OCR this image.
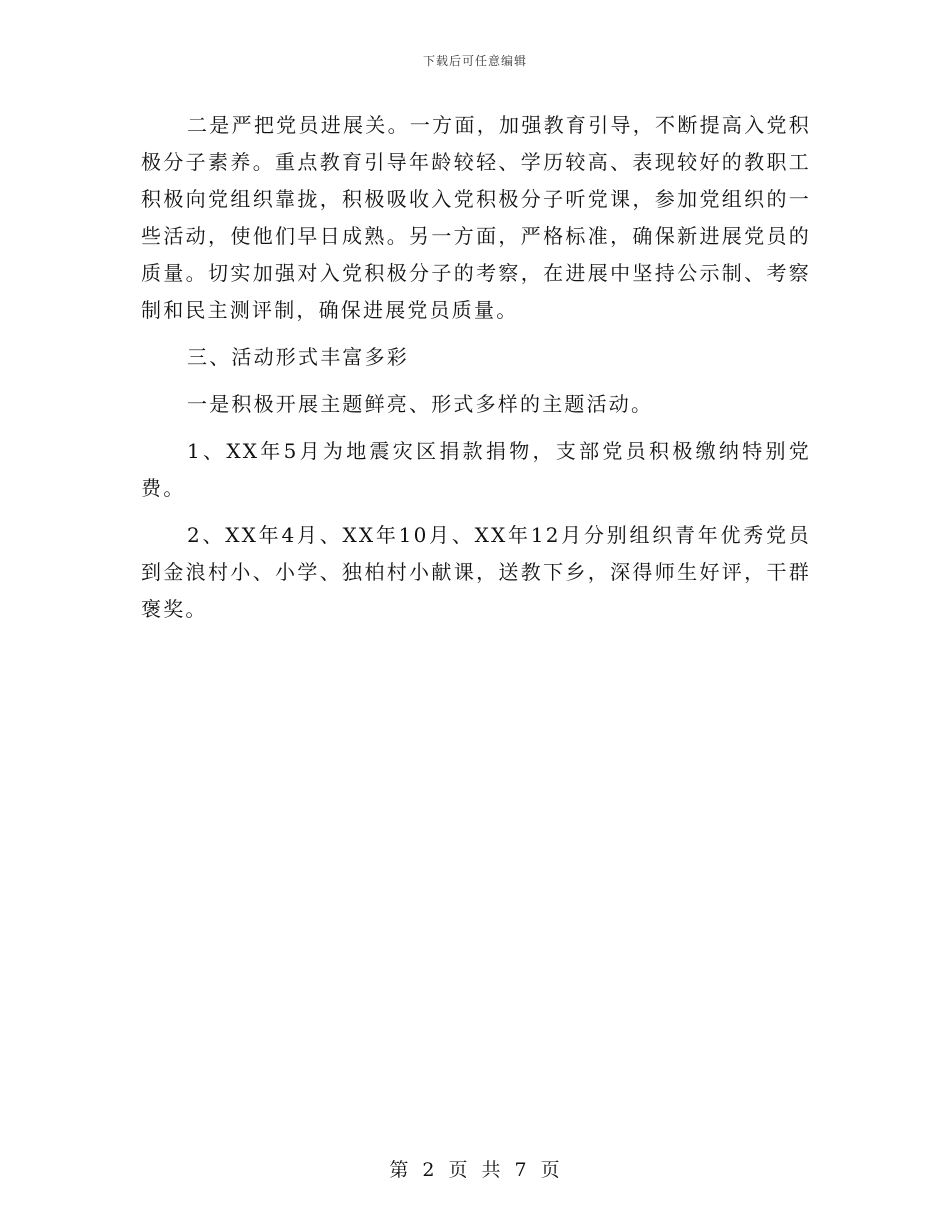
下载后可任意编辑

二是严把党员进展关。一方面，加强教育引导，不断提高入党积极分子素养。重点教育引导年龄较轻、学历较高、表现较好的教职工积极向党组织靠拢，积极吸收入党积极分子听党课，参加党组织的一些活动，使他们早日成熟。另一方面，严格标准，确保新进展党员的质量。切实加强对入党积极分子的考察，在进展中坚持公示制、考察制和民主测评制，确保进展党员质量。

三、活动形式丰富多彩

一是积极开展主题鲜亮、形式多样的主题活动。

1、XX年5月为地震灾区捐款捐物，支部党员积极缴纳特别党费。

2、XX年4月、XX年10月、XX年12月分别组织青年优秀党员到金浪村小、小学、独柏村小献课，送教下乡，深得师生好评，干群褒奖。

第 2 页 共 7 页
